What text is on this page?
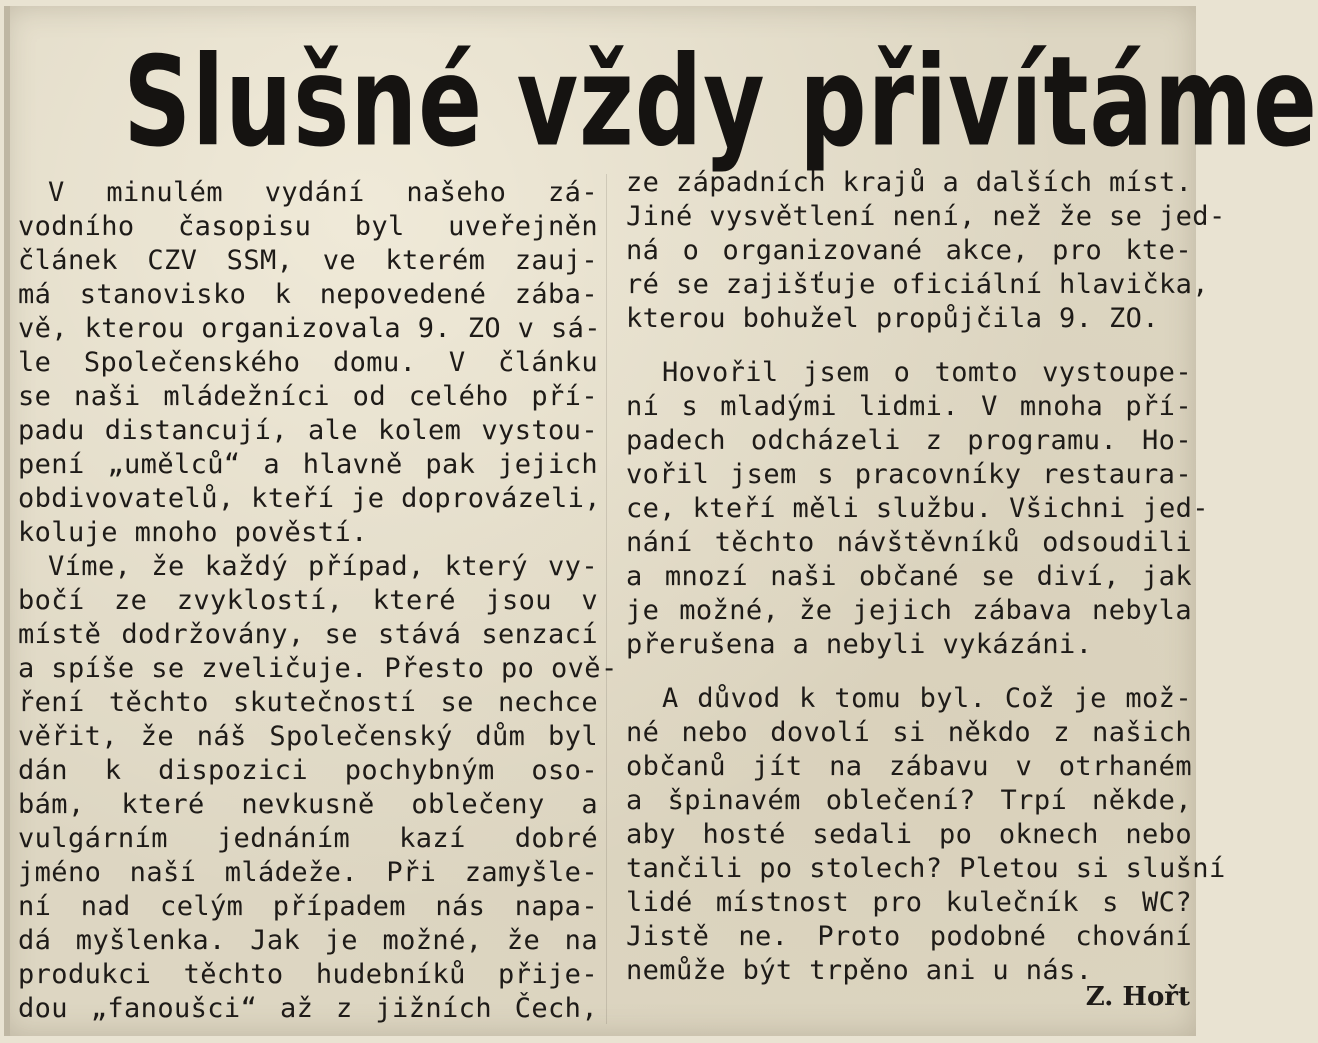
Slušné vždy přivítáme
V minulém vydání našeho zá-
vodního časopisu byl uveřejněn
článek CZV SSM, ve kterém zauj-
má stanovisko k nepovedené zába-
vě, kterou organizovala 9. ZO v sá-
le Společenského domu. V článku
se naši mládežníci od celého pří-
padu distancují, ale kolem vystou-
pení „umělců“ a hlavně pak jejich
obdivovatelů, kteří je doprovázeli,
koluje mnoho pověstí.
Víme, že každý případ, který vy-
bočí ze zvyklostí, které jsou v
místě dodržovány, se stává senzací
a spíše se zveličuje. Přesto po ově-
ření těchto skutečností se nechce
věřit, že náš Společenský dům byl
dán k dispozici pochybným oso-
bám, které nevkusně oblečeny a
vulgárním jednáním kazí dobré
jméno naší mládeže. Při zamyšle-
ní nad celým případem nás napa-
dá myšlenka. Jak je možné, že na
produkci těchto hudebníků přije-
dou „fanoušci“ až z jižních Čech,
ze západních krajů a dalších míst.
Jiné vysvětlení není, než že se jed-
ná o organizované akce, pro kte-
ré se zajišťuje oficiální hlavička,
kterou bohužel propůjčila 9. ZO.
Hovořil jsem o tomto vystoupe-
ní s mladými lidmi. V mnoha pří-
padech odcházeli z programu. Ho-
vořil jsem s pracovníky restaura-
ce, kteří měli službu. Všichni jed-
nání těchto návštěvníků odsoudili
a mnozí naši občané se diví, jak
je možné, že jejich zábava nebyla
přerušena a nebyli vykázáni.
A důvod k tomu byl. Což je mož-
né nebo dovolí si někdo z našich
občanů jít na zábavu v otrhaném
a špinavém oblečení? Trpí někde,
aby hosté sedali po oknech nebo
tančili po stolech? Pletou si slušní
lidé místnost pro kulečník s WC?
Jistě ne. Proto podobné chování
nemůže být trpěno ani u nás.
Z. Hořt
